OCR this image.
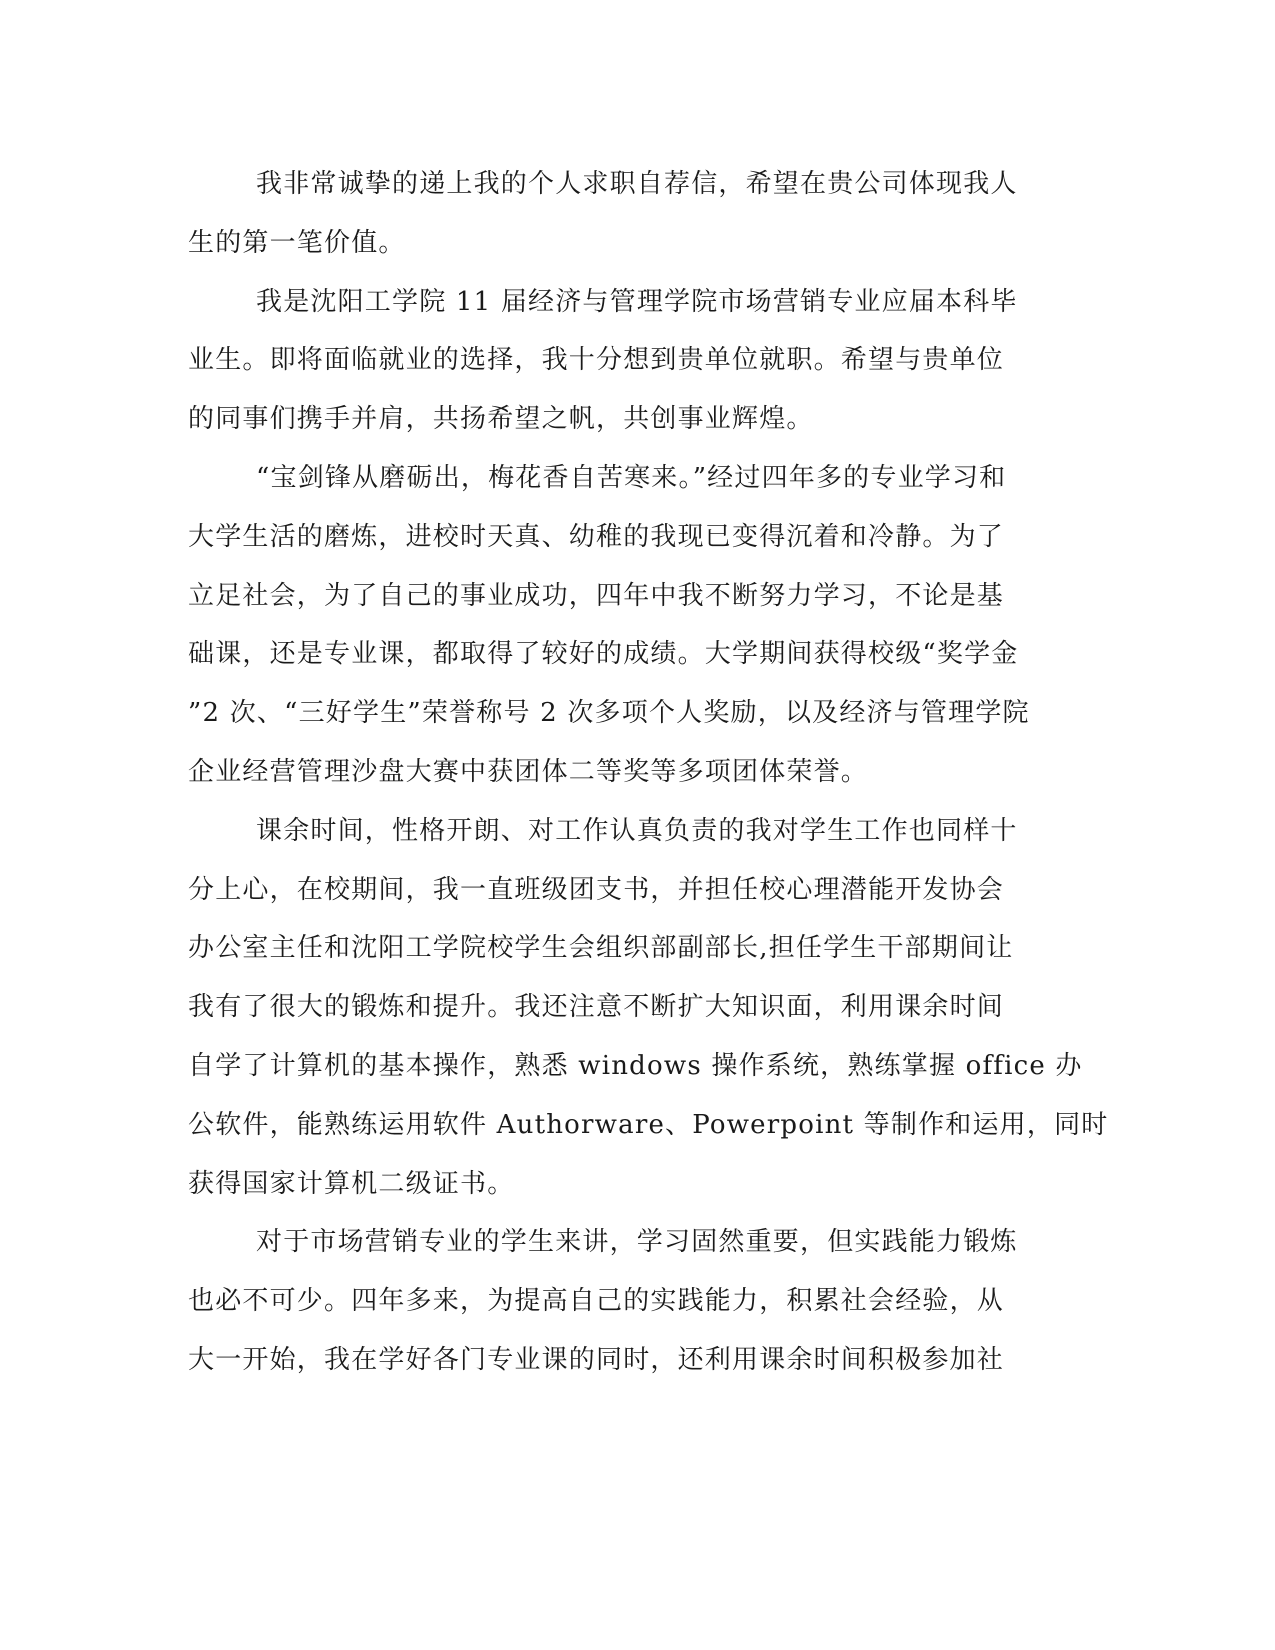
我非常诚挚的递上我的个人求职自荐信，希望在贵公司体现我人
生的第一笔价值。
我是沈阳工学院 11 届经济与管理学院市场营销专业应届本科毕
业生。即将面临就业的选择，我十分想到贵单位就职。希望与贵单位
的同事们携手并肩，共扬希望之帆，共创事业辉煌。
“宝剑锋从磨砺出，梅花香自苦寒来。”经过四年多的专业学习和
大学生活的磨炼，进校时天真、幼稚的我现已变得沉着和冷静。为了
立足社会，为了自己的事业成功，四年中我不断努力学习，不论是基
础课，还是专业课，都取得了较好的成绩。大学期间获得校级“奖学金
”2 次、“三好学生”荣誉称号 2 次多项个人奖励，以及经济与管理学院
企业经营管理沙盘大赛中获团体二等奖等多项团体荣誉。
课余时间，性格开朗、对工作认真负责的我对学生工作也同样十
分上心，在校期间，我一直班级团支书，并担任校心理潜能开发协会
办公室主任和沈阳工学院校学生会组织部副部长,担任学生干部期间让
我有了很大的锻炼和提升。我还注意不断扩大知识面，利用课余时间
自学了计算机的基本操作，熟悉 windows 操作系统，熟练掌握 office 办
公软件，能熟练运用软件 Authorware、Powerpoint 等制作和运用，同时
获得国家计算机二级证书。
对于市场营销专业的学生来讲，学习固然重要，但实践能力锻炼
也必不可少。四年多来，为提高自己的实践能力，积累社会经验，从
大一开始，我在学好各门专业课的同时，还利用课余时间积极参加社
